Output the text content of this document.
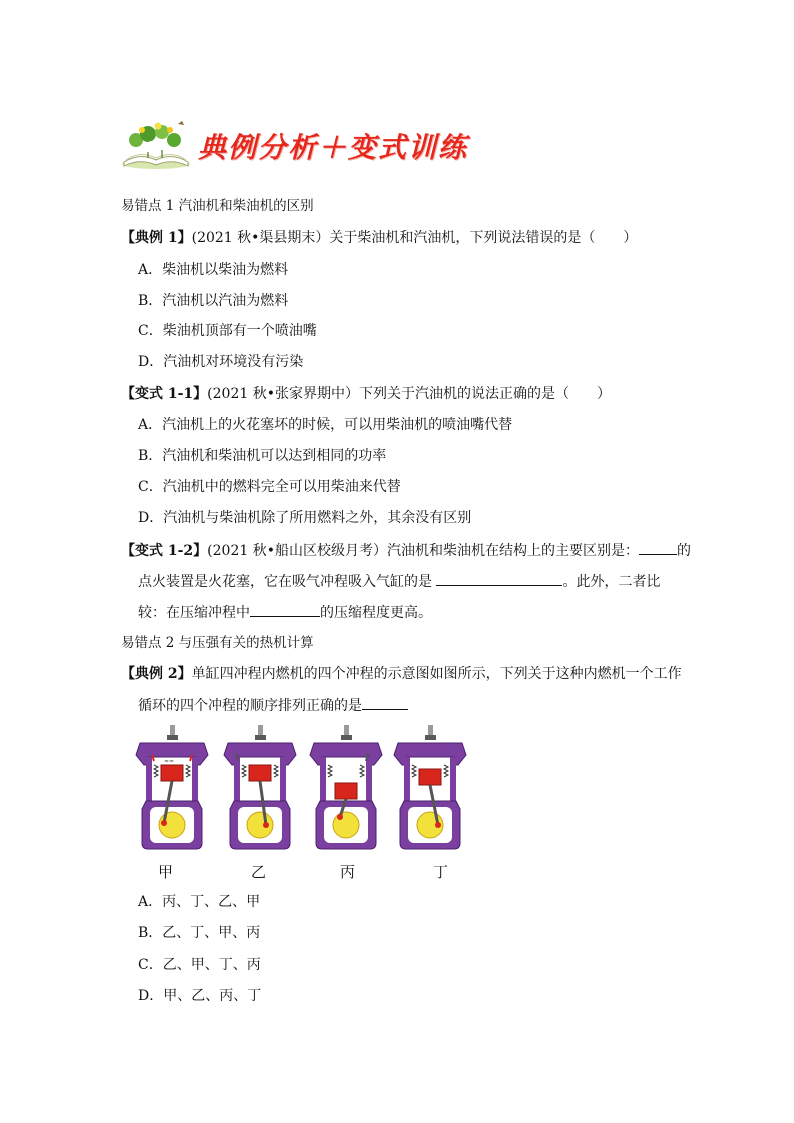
典例分析＋变式训练
易错点 1 汽油机和柴油机的区别
【典例 1】(2021 秋•渠县期末）关于柴油机和汽油机，下列说法错误的是（　　）
A．柴油机以柴油为燃料
B．汽油机以汽油为燃料
C．柴油机顶部有一个喷油嘴
D．汽油机对环境没有污染
【变式 1-1】(2021 秋•张家界期中）下列关于汽油机的说法正确的是（　　）
A．汽油机上的火花塞坏的时候，可以用柴油机的喷油嘴代替
B．汽油机和柴油机可以达到相同的功率
C．汽油机中的燃料完全可以用柴油来代替
D．汽油机与柴油机除了所用燃料之外，其余没有区别
【变式 1-2】(2021 秋•船山区校级月考）汽油机和柴油机在结构上的主要区别是：	的
点火装置是火花塞，它在吸气冲程吸入气缸的是	。此外，二者比
较：在压缩冲程中	的压缩程度更高。
易错点 2 与压强有关的热机计算
【典例 2】单缸四冲程内燃机的四个冲程的示意图如图所示，下列关于这种内燃机一个工作
循环的四个冲程的顺序排列正确的是
≈≈
甲	乙	丙	丁
A．丙、丁、乙、甲
B．乙、丁、甲、丙
C．乙、甲、丁、丙
D．甲、乙、丙、丁
